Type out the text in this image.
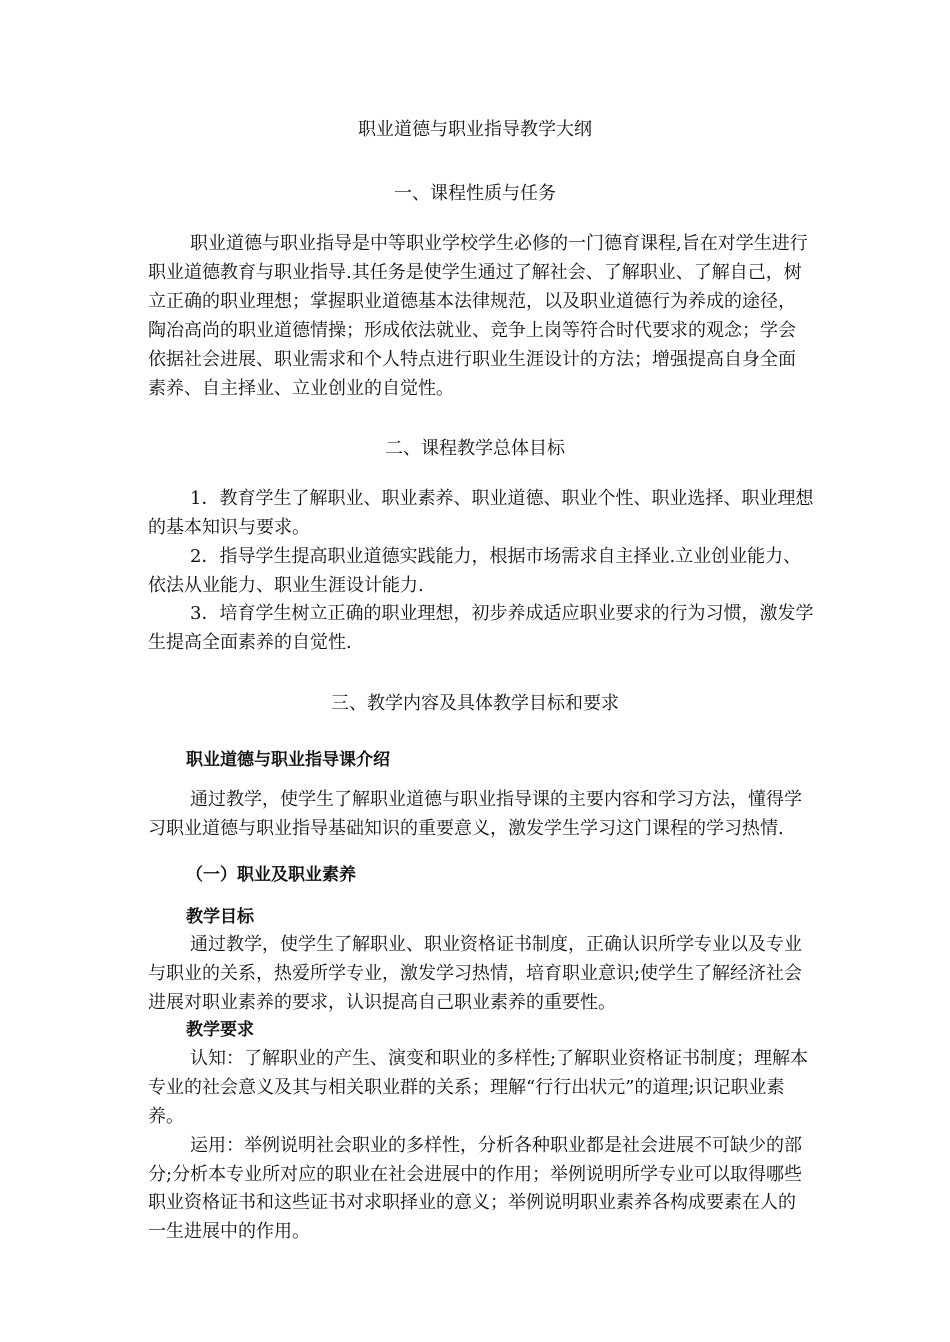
职业道德与职业指导教学大纲
一、课程性质与任务
职业道德与职业指导是中等职业学校学生必修的一门德育课程,旨在对学生进行
职业道德教育与职业指导.其任务是使学生通过了解社会、了解职业、了解自己，树
立正确的职业理想；掌握职业道德基本法律规范，以及职业道德行为养成的途径，
陶冶高尚的职业道德情操；形成依法就业、竞争上岗等符合时代要求的观念；学会
依据社会进展、职业需求和个人特点进行职业生涯设计的方法；增强提高自身全面
素养、自主择业、立业创业的自觉性。
二、课程教学总体目标
1．教育学生了解职业、职业素养、职业道德、职业个性、职业选择、职业理想
的基本知识与要求。
2．指导学生提高职业道德实践能力，根据市场需求自主择业.立业创业能力、
依法从业能力、职业生涯设计能力.
3．培育学生树立正确的职业理想，初步养成适应职业要求的行为习惯，激发学
生提高全面素养的自觉性.
三、教学内容及具体教学目标和要求
职业道德与职业指导课介绍
通过教学，使学生了解职业道德与职业指导课的主要内容和学习方法，懂得学
习职业道德与职业指导基础知识的重要意义，激发学生学习这门课程的学习热情.
（一）职业及职业素养
教学目标
通过教学，使学生了解职业、职业资格证书制度，正确认识所学专业以及专业
与职业的关系，热爱所学专业，激发学习热情，培育职业意识;使学生了解经济社会
进展对职业素养的要求，认识提高自己职业素养的重要性。
教学要求
认知：了解职业的产生、演变和职业的多样性;了解职业资格证书制度；理解本
专业的社会意义及其与相关职业群的关系；理解“行行出状元”的道理;识记职业素
养。
运用：举例说明社会职业的多样性，分析各种职业都是社会进展不可缺少的部
分;分析本专业所对应的职业在社会进展中的作用；举例说明所学专业可以取得哪些
职业资格证书和这些证书对求职择业的意义；举例说明职业素养各构成要素在人的
一生进展中的作用。
